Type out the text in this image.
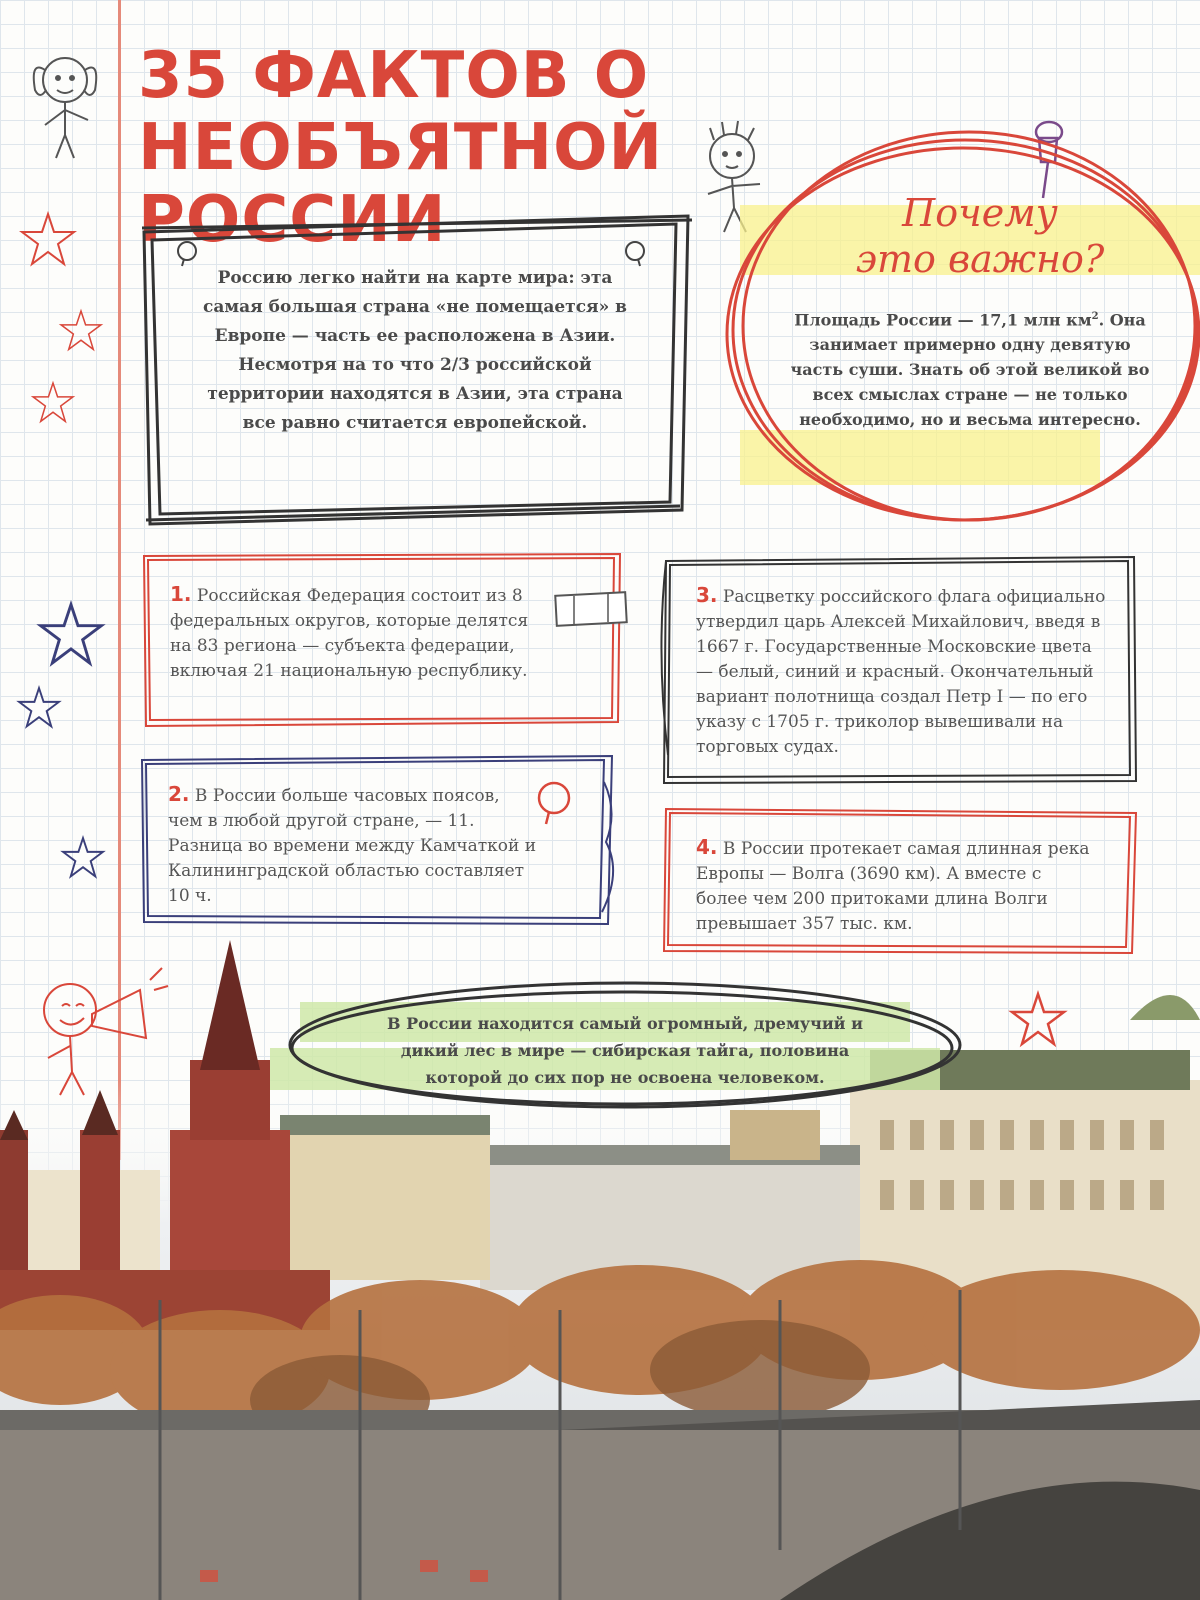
35 ФАКТОВ О НЕОБЪЯТНОЙ
РОССИИ
Россию легко найти на карте мира: эта самая большая страна «не помещается» в Европе — часть ее расположена в Азии. Несмотря на то что 2/3 российской территории находятся в Азии, эта страна все равно считается европейской.
Почему
это важно?
Площадь России — 17,1 млн $км^2$. Она занимает примерно одну девятую часть суши. Знать об этой великой во всех смыслах стране — не только необходимо, но и весьма интересно.
1. Российская Федерация состоит из 8 федеральных округов, которые делятся на 83 региона — субъекта федерации, включая 21 национальную республику.
2. В России больше часовых поясов, чем в любой другой стране, — 11. Разница во времени между Камчаткой и Калининградской областью составляет 10 ч.
3. Расцветку российского флага официально утвердил царь Алексей Михайлович, введя в 1667 г. Государственные Московские цвета — белый, синий и красный. Окончательный вариант полотнища создал Петр I — по его указу с 1705 г. триколор вывешивали на торговых судах.
4. В России протекает самая длинная река Европы — Волга (3690 км). А вместе с более чем 200 притоками длина Волги превышает 357 тыс. км.
В России находится самый огромный, дремучий и дикий лес в мире — сибирская тайга, половина которой до сих пор не освоена человеком.
